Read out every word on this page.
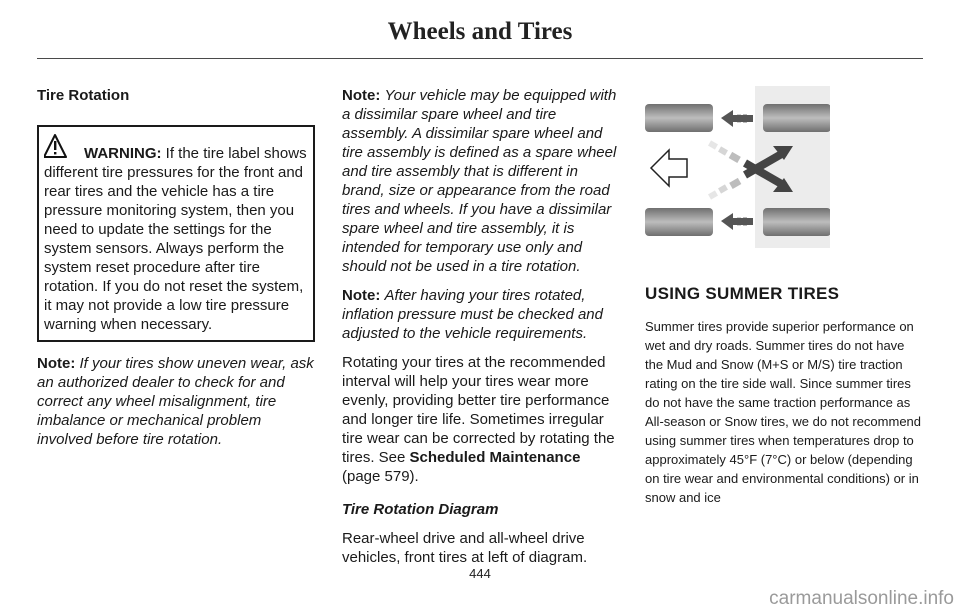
Wheels and Tires
Tire Rotation
WARNING: If the tire label shows different tire pressures for the front and rear tires and the vehicle has a tire pressure monitoring system, then you need to update the settings for the system sensors. Always perform the system reset procedure after tire rotation. If you do not reset the system, it may not provide a low tire pressure warning when necessary.

Note: If your tires show uneven wear, ask an authorized dealer to check for and correct any wheel misalignment, tire imbalance or mechanical problem involved before tire rotation.

Note: Your vehicle may be equipped with a dissimilar spare wheel and tire assembly. A dissimilar spare wheel and tire assembly is defined as a spare wheel and tire assembly that is different in brand, size or appearance from the road tires and wheels. If you have a dissimilar spare wheel and tire assembly, it is intended for temporary use only and should not be used in a tire rotation.

Note: After having your tires rotated, inflation pressure must be checked and adjusted to the vehicle requirements.

Rotating your tires at the recommended interval will help your tires wear more evenly, providing better tire performance and longer tire life. Sometimes irregular tire wear can be corrected by rotating the tires. See Scheduled Maintenance (page 579).

Tire Rotation Diagram

Rear-wheel drive and all-wheel drive vehicles, front tires at left of diagram.

USING SUMMER TIRES

Summer tires provide superior performance on wet and dry roads. Summer tires do not have the Mud and Snow (M+S or M/S) tire traction rating on the tire side wall. Since summer tires do not have the same traction performance as All-season or Snow tires, we do not recommend using summer tires when temperatures drop to approximately 45°F (7°C) or below (depending on tire wear and environmental conditions) or in snow and ice

444
carmanualsonline.info
